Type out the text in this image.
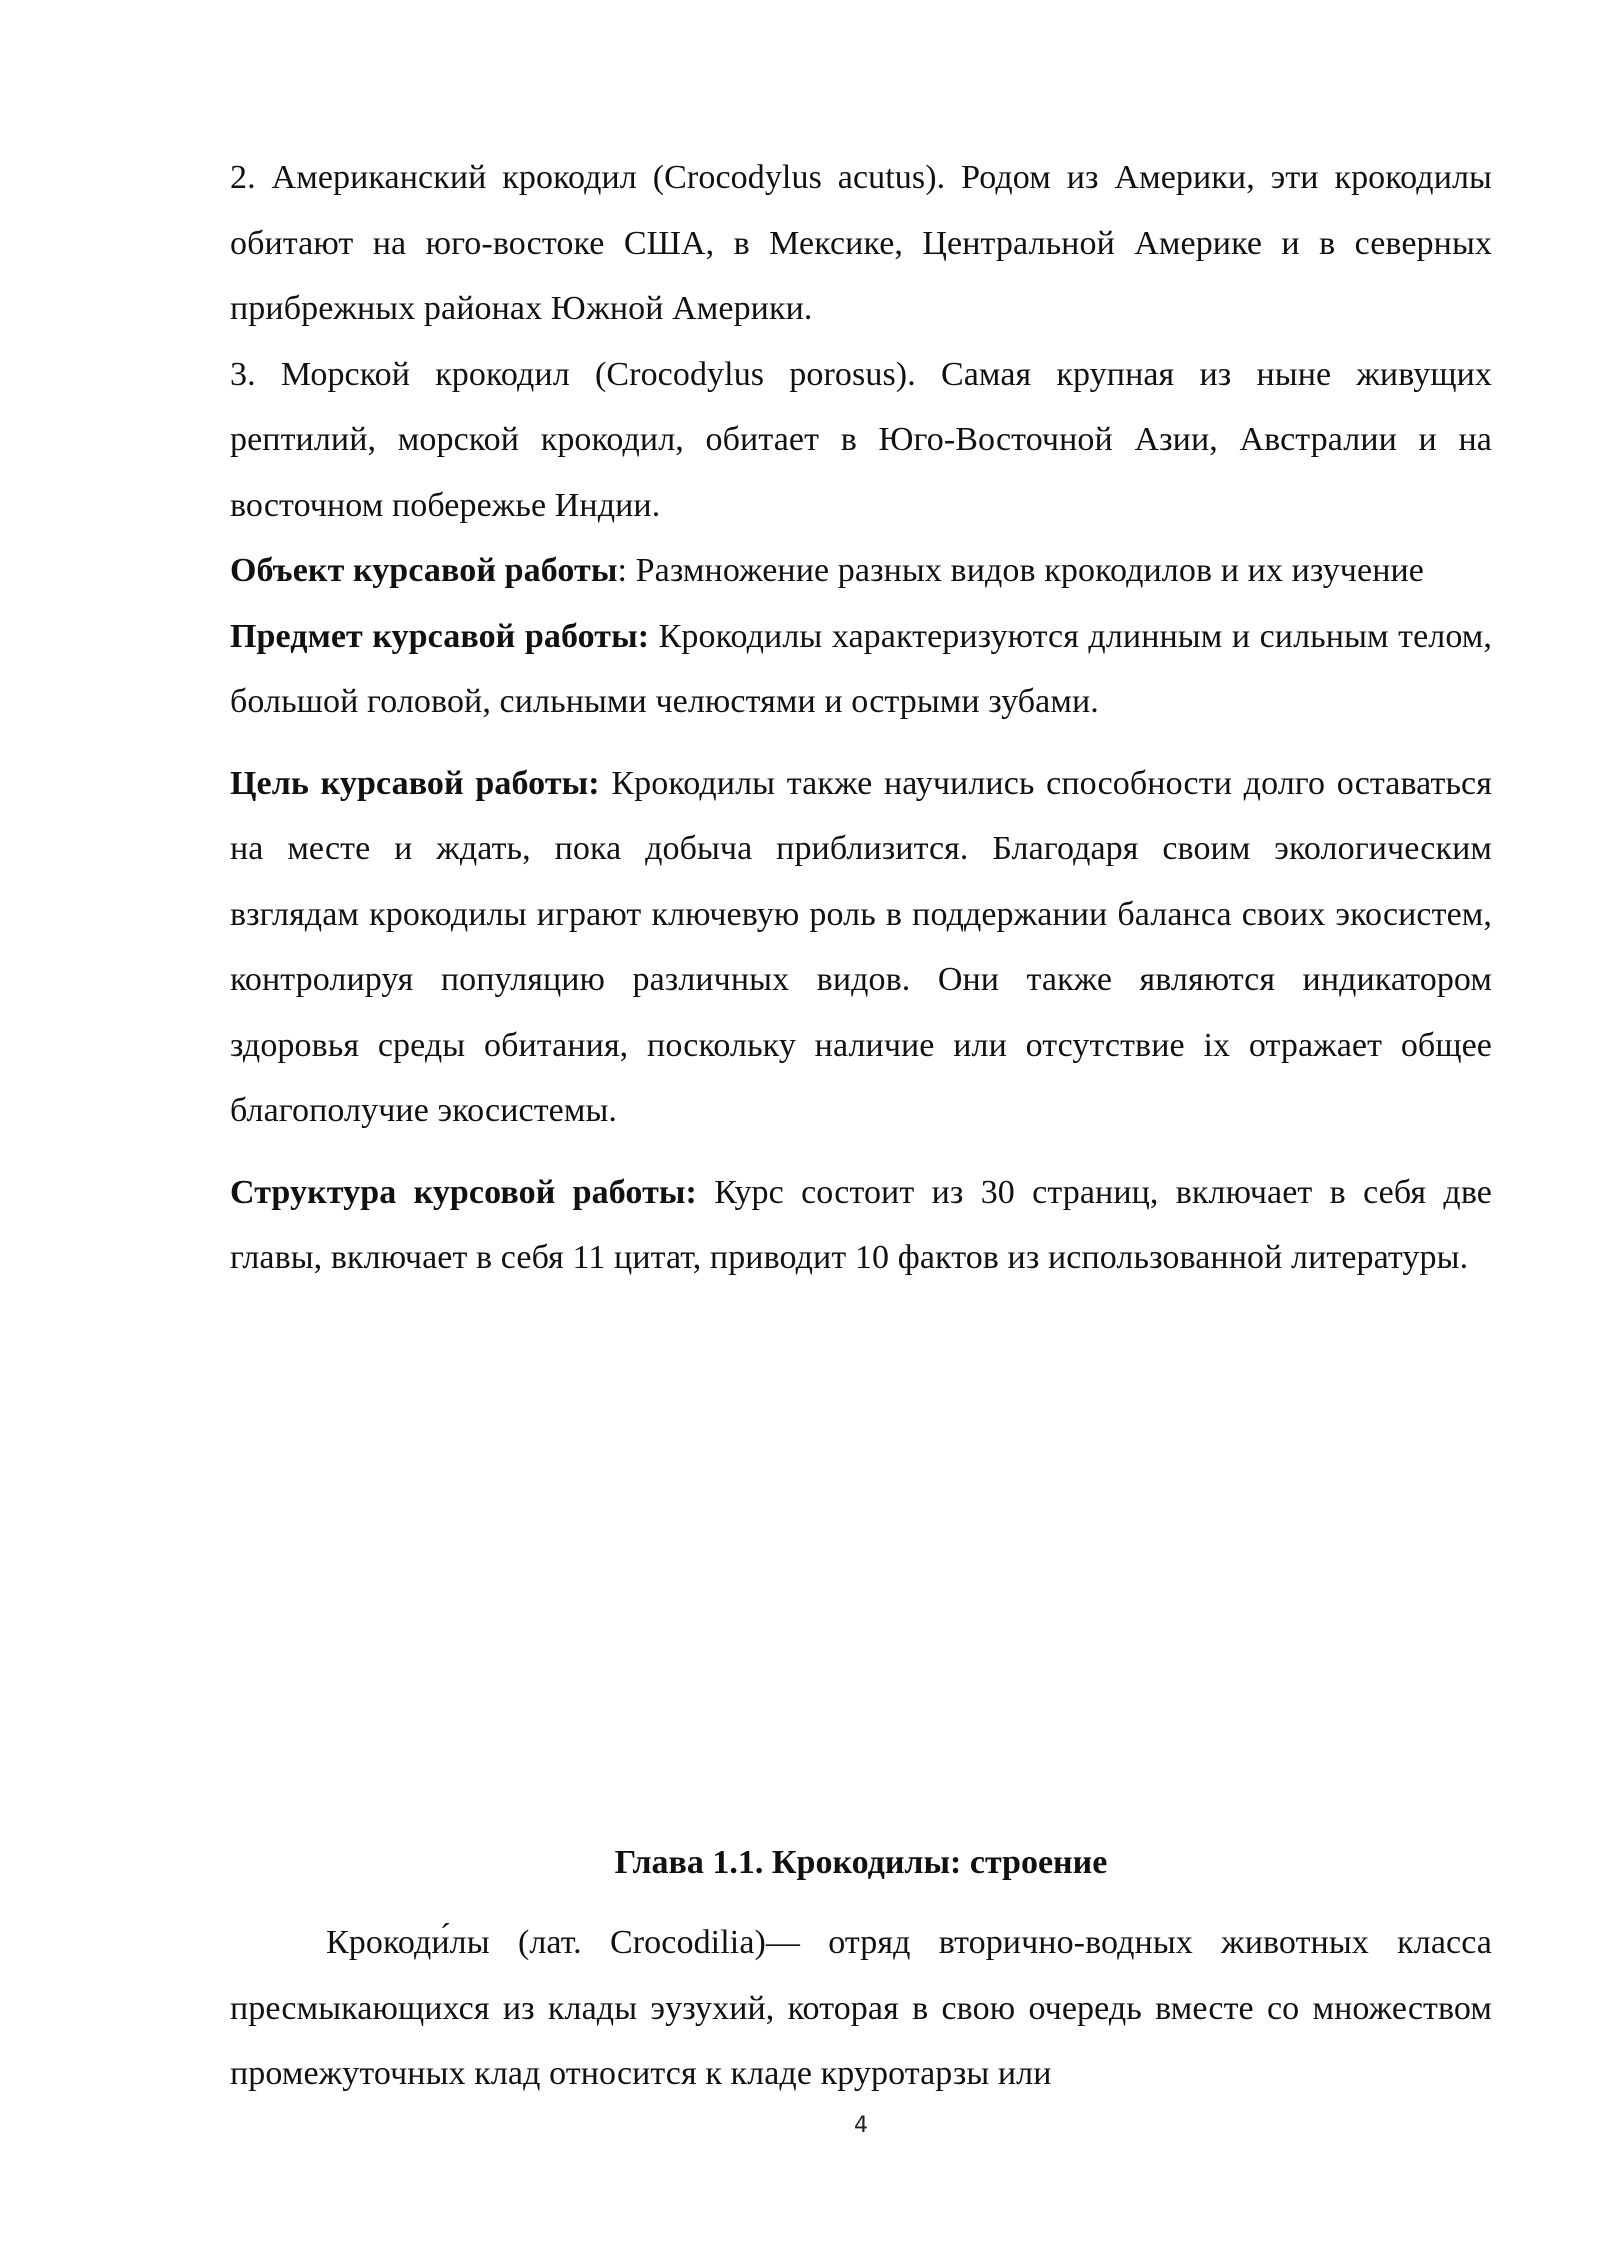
2. Американский крокодил (Crocodylus acutus). Родом из Америки, эти крокодилы обитают на юго-востоке США, в Мексике, Центральной Америке и в северных прибрежных районах Южной Америки.

3. Морской крокодил (Crocodylus porosus). Самая крупная из ныне живущих рептилий, морской крокодил, обитает в Юго-Восточной Азии, Австралии и на восточном побережье Индии.

Объект курсавой работы: Размножение разных видов крокодилов и их изучение

Предмет курсавой работы: Крокодилы характеризуются длинным и сильным телом, большой головой, сильными челюстями и острыми зубами.

Цель курсавой работы: Крокодилы также научились способности долго оставаться на месте и ждать, пока добыча приблизится. Благодаря своим экологическим взглядам крокодилы играют ключевую роль в поддержании баланса своих экосистем, контролируя популяцию различных видов. Они также являются индикатором здоровья среды обитания, поскольку наличие или отсутствие іх отражает общее благополучие экосистемы.

Структура курсовой работы: Курс состоит из 30 страниц, включает в себя две главы, включает в себя 11 цитат, приводит 10 фактов из использованной литературы.

Глава 1.1. Крокодилы: строение

Крокоди́лы (лат. Crocodilia)— отряд вторично-водных животных класса пресмыкающихся из клады эузухий, которая в свою очередь вместе со множеством промежуточных клад относится к кладе круротарзы или

4
